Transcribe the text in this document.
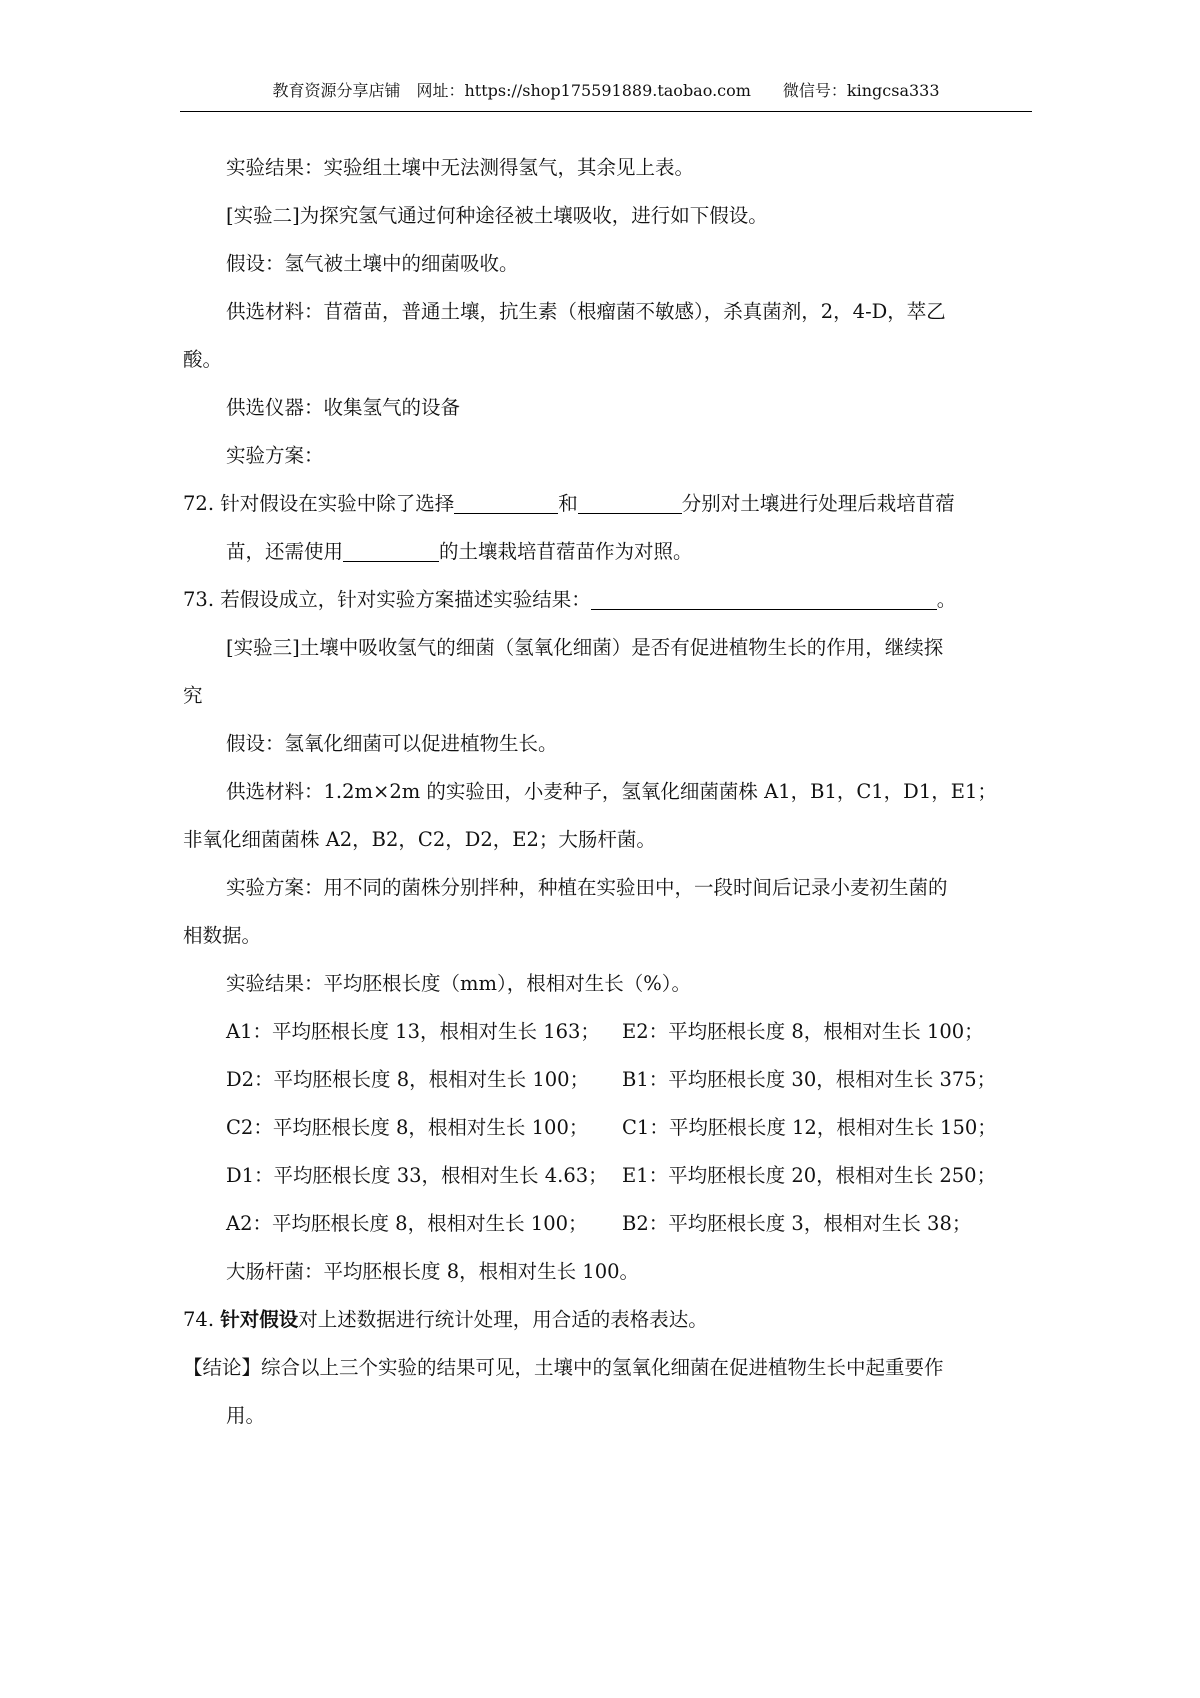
教育资源分享店铺　网址：https://shop175591889.taobao.com　　微信号：kingcsa333
实验结果：实验组土壤中无法测得氢气，其余见上表。
[实验二]为探究氢气通过何种途径被土壤吸收，进行如下假设。
假设：氢气被土壤中的细菌吸收。
供选材料：苜蓿苗，普通土壤，抗生素（根瘤菌不敏感），杀真菌剂，2，4-D，萃乙
酸。
供选仪器：收集氢气的设备
实验方案：
72. 针对假设在实验中除了选择	和	分别对土壤进行处理后栽培苜蓿
苗，还需使用	的土壤栽培苜蓿苗作为对照。
73. 若假设成立，针对实验方案描述实验结果：	。
[实验三]土壤中吸收氢气的细菌（氢氧化细菌）是否有促进植物生长的作用，继续探
究
假设：氢氧化细菌可以促进植物生长。
供选材料：1.2m×2m 的实验田，小麦种子，氢氧化细菌菌株 A1，B1，C1，D1，E1；
非氧化细菌菌株 A2，B2，C2，D2，E2；大肠杆菌。
实验方案：用不同的菌株分别拌种，种植在实验田中，一段时间后记录小麦初生菌的
相数据。
实验结果：平均胚根长度（mm），根相对生长（%）。
A1：平均胚根长度 13，根相对生长 163； E2：平均胚根长度 8，根相对生长 100；
D2：平均胚根长度 8，根相对生长 100； B1：平均胚根长度 30，根相对生长 375；
C2：平均胚根长度 8，根相对生长 100； C1：平均胚根长度 12，根相对生长 150；
D1：平均胚根长度 33，根相对生长 4.63； E1：平均胚根长度 20，根相对生长 250；
A2：平均胚根长度 8，根相对生长 100； B2：平均胚根长度 3，根相对生长 38；
大肠杆菌：平均胚根长度 8，根相对生长 100。
74. 针对假设对上述数据进行统计处理，用合适的表格表达。
【结论】综合以上三个实验的结果可见，土壤中的氢氧化细菌在促进植物生长中起重要作
用。
